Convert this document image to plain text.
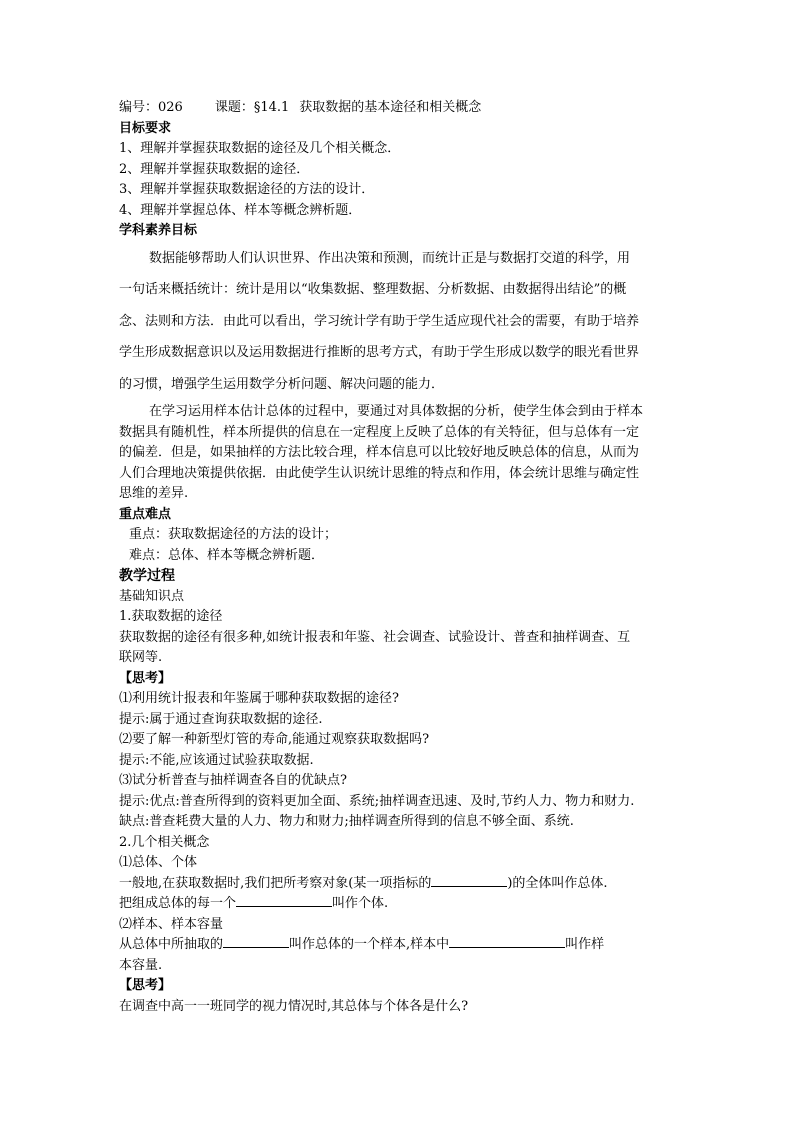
编号：026 课题：§14.1 获取数据的基本途径和相关概念
目标要求
1、理解并掌握获取数据的途径及几个相关概念．
2、理解并掌握获取数据的途径．
3、理解并掌握获取数据途径的方法的设计．
4、理解并掌握总体、样本等概念辨析题．
学科素养目标
数据能够帮助人们认识世界、作出决策和预测，而统计正是与数据打交道的科学，用
一句话来概括统计：统计是用以“收集数据、整理数据、分析数据、由数据得出结论”的概
念、法则和方法．由此可以看出，学习统计学有助于学生适应现代社会的需要，有助于培养
学生形成数据意识以及运用数据进行推断的思考方式，有助于学生形成以数学的眼光看世界
的习惯，增强学生运用数学分析问题、解决问题的能力．
在学习运用样本估计总体的过程中，要通过对具体数据的分析，使学生体会到由于样本
数据具有随机性，样本所提供的信息在一定程度上反映了总体的有关特征，但与总体有一定
的偏差．但是，如果抽样的方法比较合理，样本信息可以比较好地反映总体的信息，从而为
人们合理地决策提供依据．由此使学生认识统计思维的特点和作用，体会统计思维与确定性
思维的差异.
重点难点
重点：获取数据途径的方法的设计；
难点：总体、样本等概念辨析题．
教学过程
基础知识点
1.获取数据的途径
获取数据的途径有很多种,如统计报表和年鉴、社会调查、试验设计、普查和抽样调查、互
联网等.
【思考】
⑴利用统计报表和年鉴属于哪种获取数据的途径?
提示:属于通过查询获取数据的途径.
⑵要了解一种新型灯管的寿命,能通过观察获取数据吗?
提示:不能,应该通过试验获取数据.
⑶试分析普查与抽样调查各自的优缺点?
提示:优点:普查所得到的资料更加全面、系统;抽样调查迅速、及时,节约人力、物力和财力.
缺点:普查耗费大量的人力、物力和财力;抽样调查所得到的信息不够全面、系统.
2.几个相关概念
⑴总体、个体
一般地,在获取数据时,我们把所考察对象(某一项指标的	)的全体叫作总体.
把组成总体的每一个	叫作个体.
⑵样本、样本容量
从总体中所抽取的	叫作总体的一个样本,样本中	叫作样
本容量.
【思考】
在调查中高一一班同学的视力情况时,其总体与个体各是什么?
